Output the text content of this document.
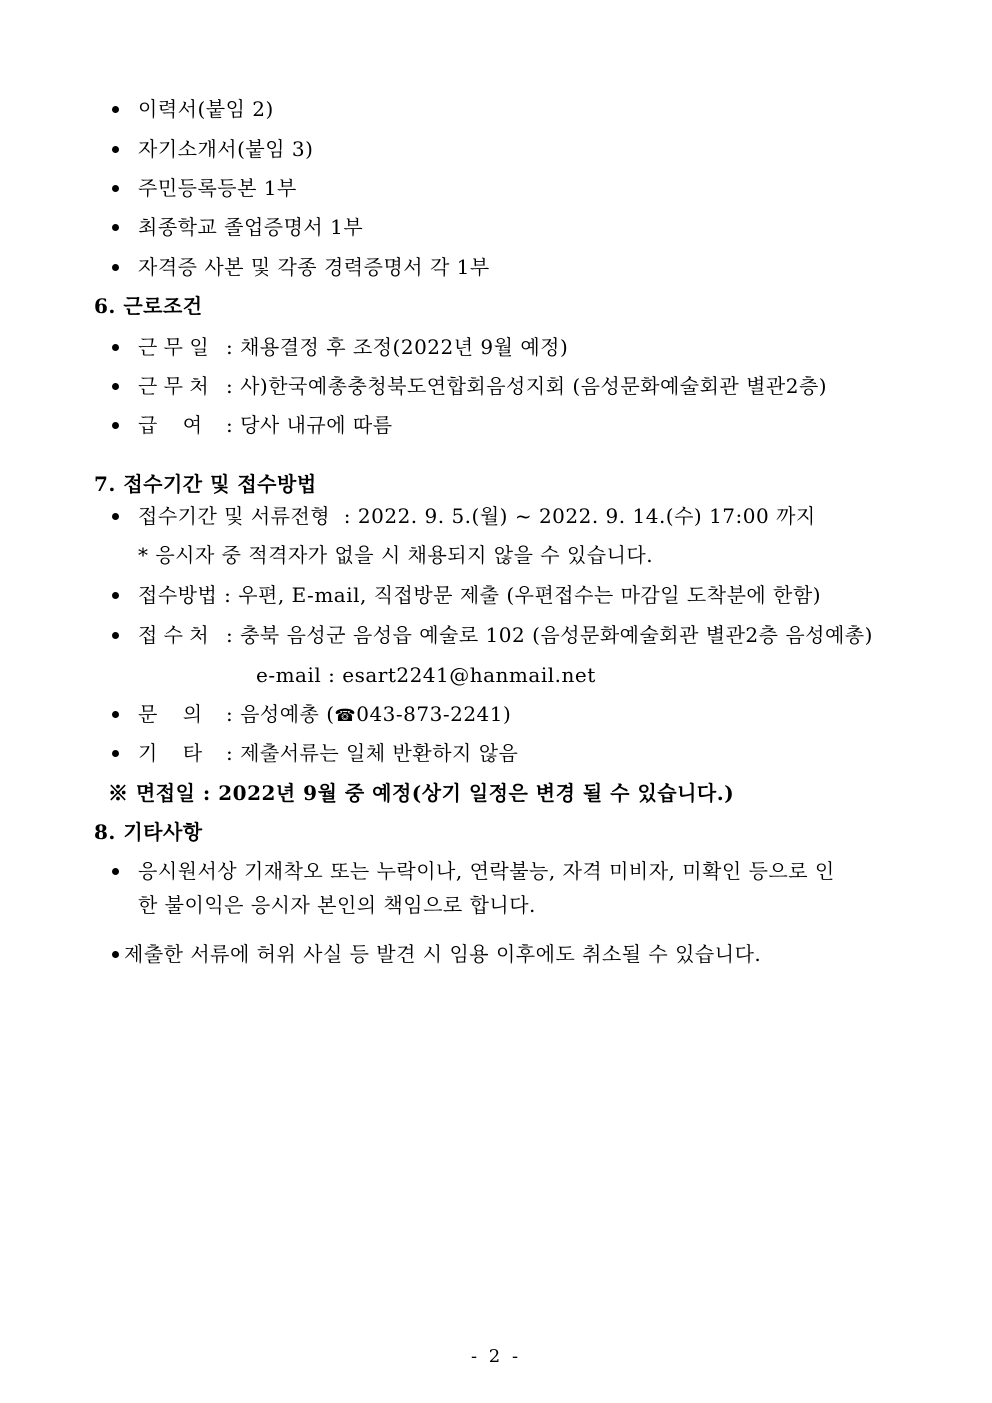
이력서(붙임 2)
자기소개서(붙임 3)
주민등록등본 1부
최종학교 졸업증명서 1부
자격증 사본 및 각종 경력증명서 각 1부
6. 근로조건
근 무 일 : 채용결정 후 조정(2022년 9월 예정)
근 무 처 : 사)한국예총충청북도연합회음성지회 (음성문화예술회관 별관2층)
급    여 : 당사 내규에 따름
7. 접수기간 및 접수방법
접수기간 및 서류전형  : 2022. 9. 5.(월) ~ 2022. 9. 14.(수) 17:00 까지
* 응시자 중 적격자가 없을 시 채용되지 않을 수 있습니다.
접수방법 : 우편, E-mail, 직접방문 제출 (우편접수는 마감일 도착분에 한함)
접 수 처 : 충북 음성군 음성읍 예술로 102 (음성문화예술회관 별관2층 음성예총)
e-mail : esart2241@hanmail.net
문    의 : 음성예총 (☎043-873-2241)
기    타 : 제출서류는 일체 반환하지 않음
※ 면접일 : 2022년 9월 중 예정(상기 일정은 변경 될 수 있습니다.)
8. 기타사항
응시원서상 기재착오 또는 누락이나, 연락불능, 자격 미비자, 미확인 등으로 인
한 불이익은 응시자 본인의 책임으로 합니다.
제출한 서류에 허위 사실 등 발견 시 임용 이후에도 취소될 수 있습니다.
- 2 -
